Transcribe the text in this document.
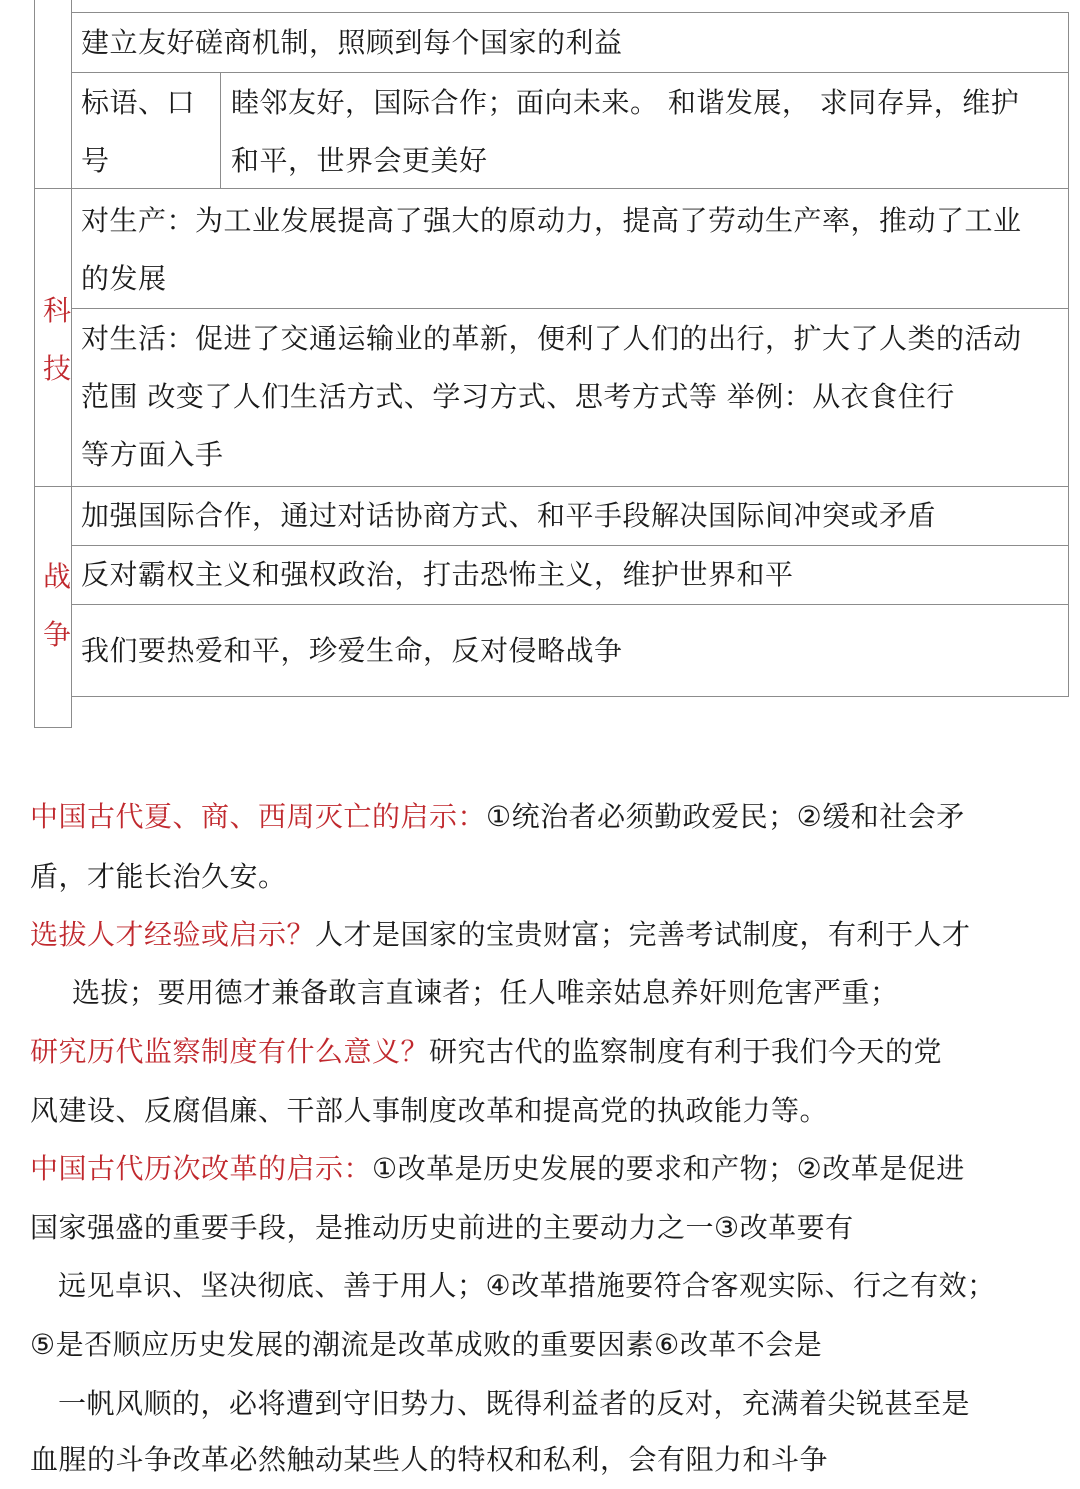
建立友好磋商机制，照顾到每个国家的利益
标语、口
号
睦邻友好，国际合作；面向未来。 和谐发展， 求同存异，维护
和平，世界会更美好
科
技
对生产：为工业发展提高了强大的原动力，提高了劳动生产率，推动了工业
的发展
对生活：促进了交通运输业的革新，便利了人们的出行，扩大了人类的活动
范围 改变了人们生活方式、学习方式、思考方式等 举例：从衣食住行
等方面入手
战
争
加强国际合作，通过对话协商方式、和平手段解决国际间冲突或矛盾
反对霸权主义和强权政治，打击恐怖主义，维护世界和平
我们要热爱和平，珍爱生命，反对侵略战争
中国古代夏、商、西周灭亡的启示：①统治者必须勤政爱民；②缓和社会矛
盾，才能长治久安。
选拔人才经验或启示？人才是国家的宝贵财富；完善考试制度，有利于人才
选拔；要用德才兼备敢言直谏者；任人唯亲姑息养奸则危害严重；
研究历代监察制度有什么意义？研究古代的监察制度有利于我们今天的党
风建设、反腐倡廉、干部人事制度改革和提高党的执政能力等。
中国古代历次改革的启示：①改革是历史发展的要求和产物；②改革是促进
国家强盛的重要手段，是推动历史前进的主要动力之一③改革要有
远见卓识、坚决彻底、善于用人；④改革措施要符合客观实际、行之有效；
⑤是否顺应历史发展的潮流是改革成败的重要因素⑥改革不会是
一帆风顺的，必将遭到守旧势力、既得利益者的反对，充满着尖锐甚至是
血腥的斗争改革必然触动某些人的特权和私利，会有阻力和斗争
